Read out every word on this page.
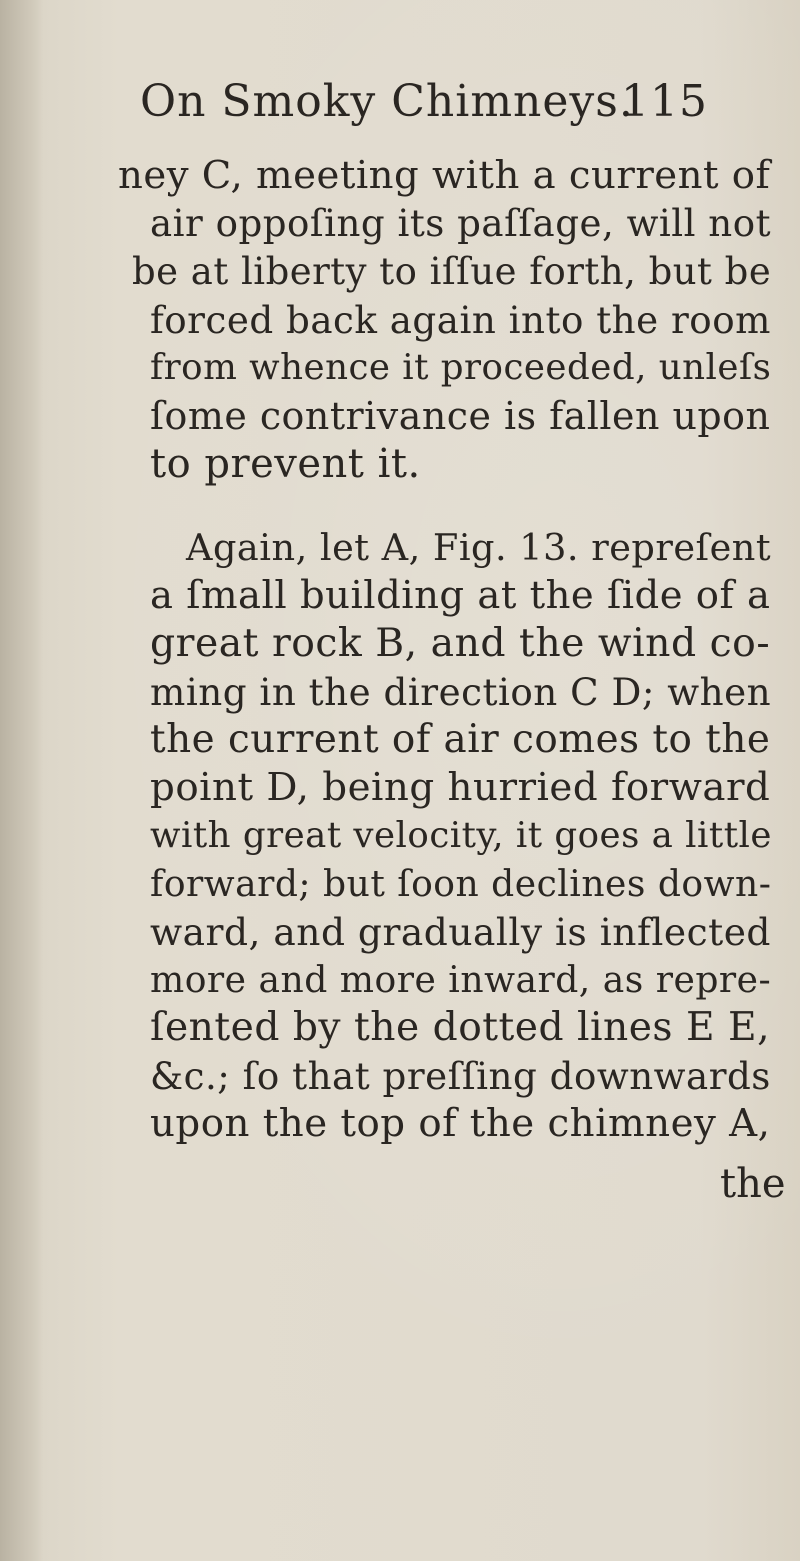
On Smoky Chimneys.
115
ney C, meeting with a current of
air oppoſing its paſſage, will not
be at liberty to iſſue forth, but be
forced back again into the room
from whence it proceeded, unleſs
ſome contrivance is fallen upon
to prevent it.
Again, let A, Fig. 13. repreſent
a ſmall building at the ſide of a
great rock B, and the wind co-
ming in the direction C D; when
the current of air comes to the
point D, being hurried forward
with great velocity, it goes a little
forward; but ſoon declines down-
ward, and gradually is inflected
more and more inward, as repre-
ſented by the dotted lines E E,
&c.; ſo that preſſing downwards
upon the top of the chimney A,
the
